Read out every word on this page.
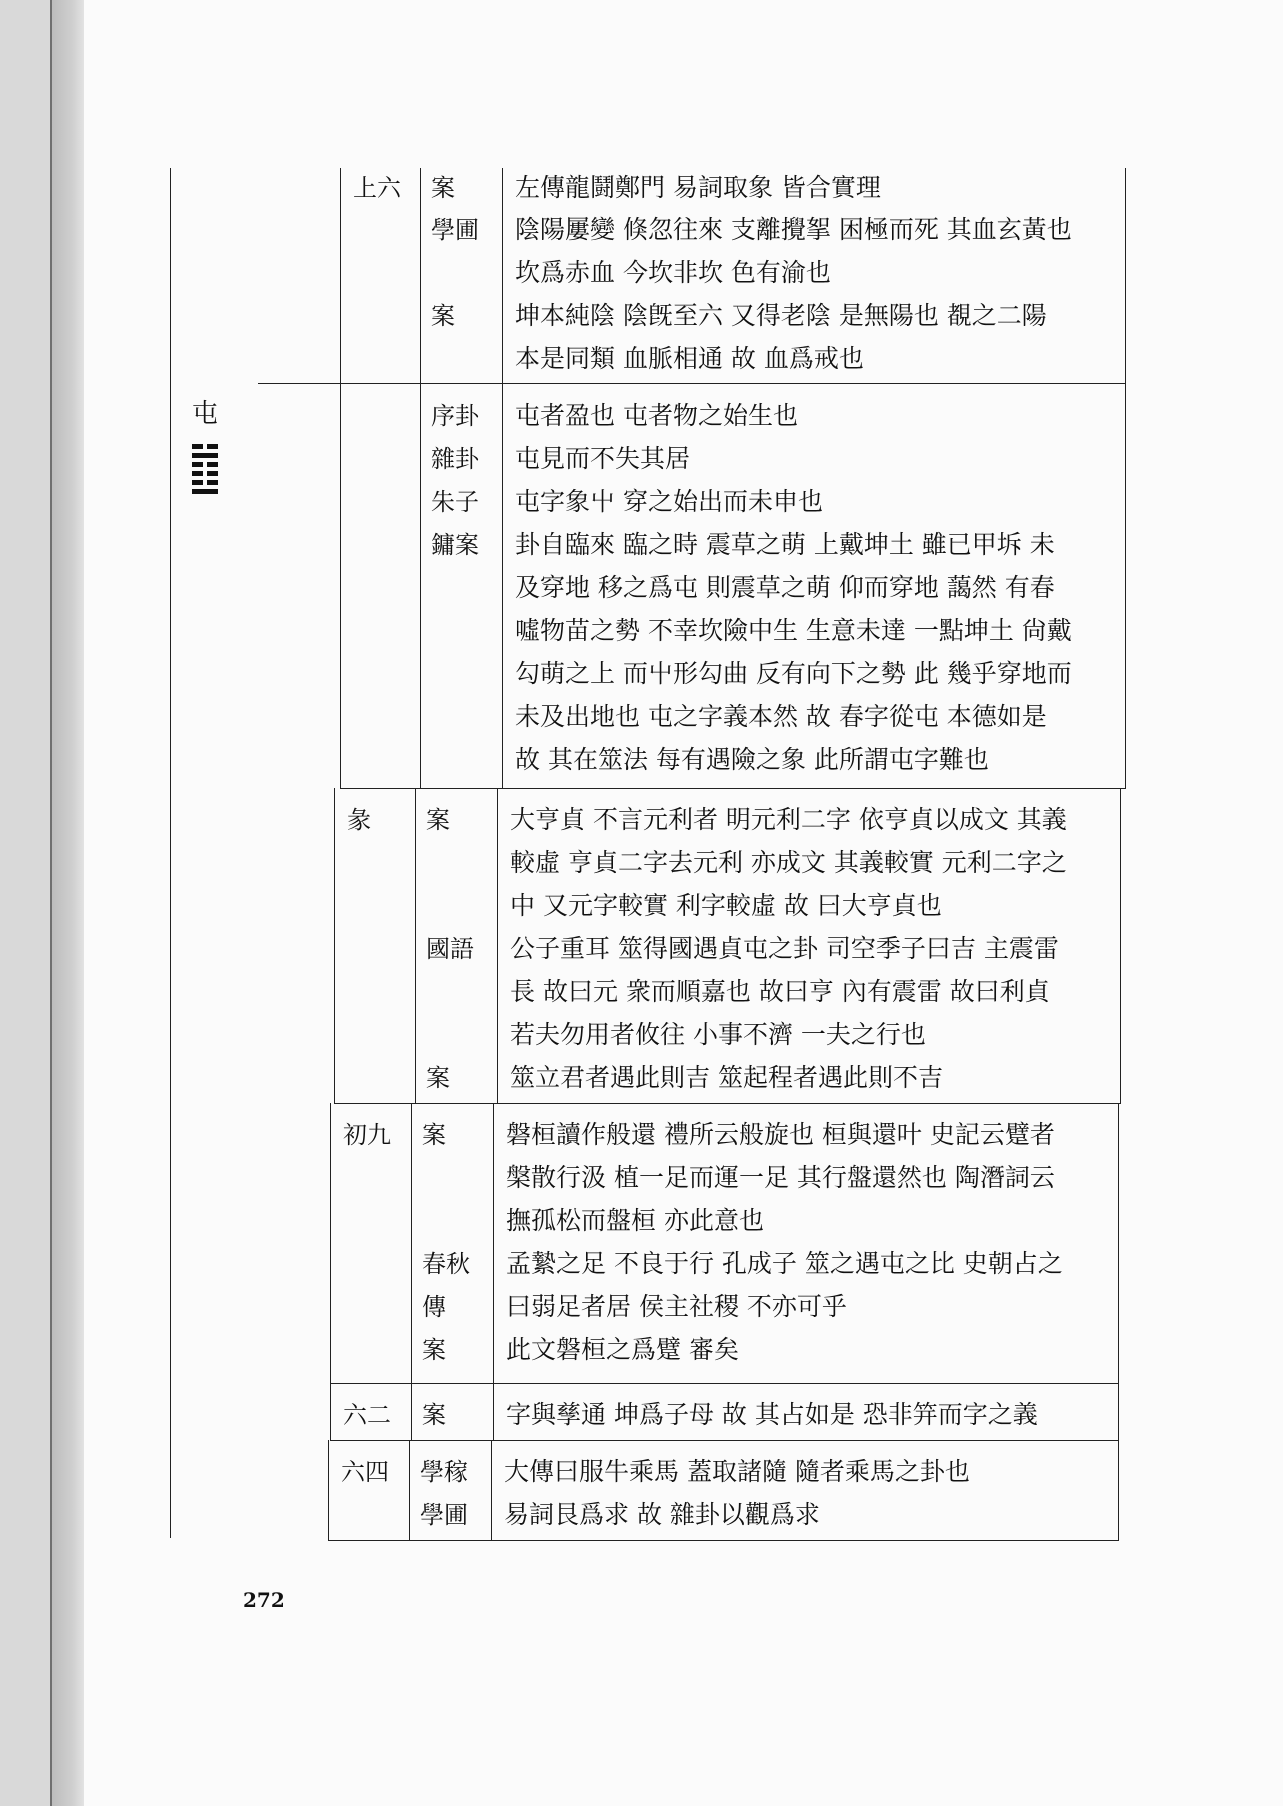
屯
上六 案
學圃
案
左傳龍鬪鄭門 易詞取象 皆合實理
陰陽屢變 倏忽往來 支離攪挐 困極而死 其血玄黃也
坎爲赤血 今坎非坎 色有渝也
坤本純陰 陰旣至六 又得老陰 是無陽也 覩之二陽
本是同類 血脈相通 故 血爲戒也
序卦
雜卦
朱子
鏞案
屯者盈也 屯者物之始生也
屯見而不失其居
屯字象屮 穿之始出而未申也
卦自臨來 臨之時 震草之萌 上戴坤土 雖已甲坼 未
及穿地 移之爲屯 則震草之萌 仰而穿地 藹然 有春
噓物苗之勢 不幸坎險中生 生意未達 一點坤土 尙戴
勾萌之上 而屮形勾曲 反有向下之勢 此 幾乎穿地而
未及出地也 屯之字義本然 故 春字從屯 本德如是
故 其在筮法 每有遇險之象 此所謂屯字難也
彖 案
國語
案
大亨貞 不言元利者 明元利二字 依亨貞以成文 其義
較虛 亨貞二字去元利 亦成文 其義較實 元利二字之
中 又元字較實 利字較虛 故 曰大亨貞也
公子重耳 筮得國遇貞屯之卦 司空季子曰吉 主震雷
長 故曰元 衆而順嘉也 故曰亨 內有震雷 故曰利貞
若夫勿用者攸往 小事不濟 一夫之行也
筮立君者遇此則吉 筮起程者遇此則不吉
初九 案
春秋
傳
案
磐桓讀作般還 禮所云般旋也 桓與還叶 史記云躄者
槃散行汲 植一足而運一足 其行盤還然也 陶潛詞云
撫孤松而盤桓 亦此意也
孟縶之足 不良于行 孔成子 筮之遇屯之比 史朝占之
曰弱足者居 侯主社稷 不亦可乎
此文磐桓之爲躄 審矣
六二 案 字與孳通 坤爲子母 故 其占如是 恐非笄而字之義
六四 學稼
學圃
大傳曰服牛乘馬 蓋取諸隨 隨者乘馬之卦也
易詞艮爲求 故 雜卦以觀爲求
272
